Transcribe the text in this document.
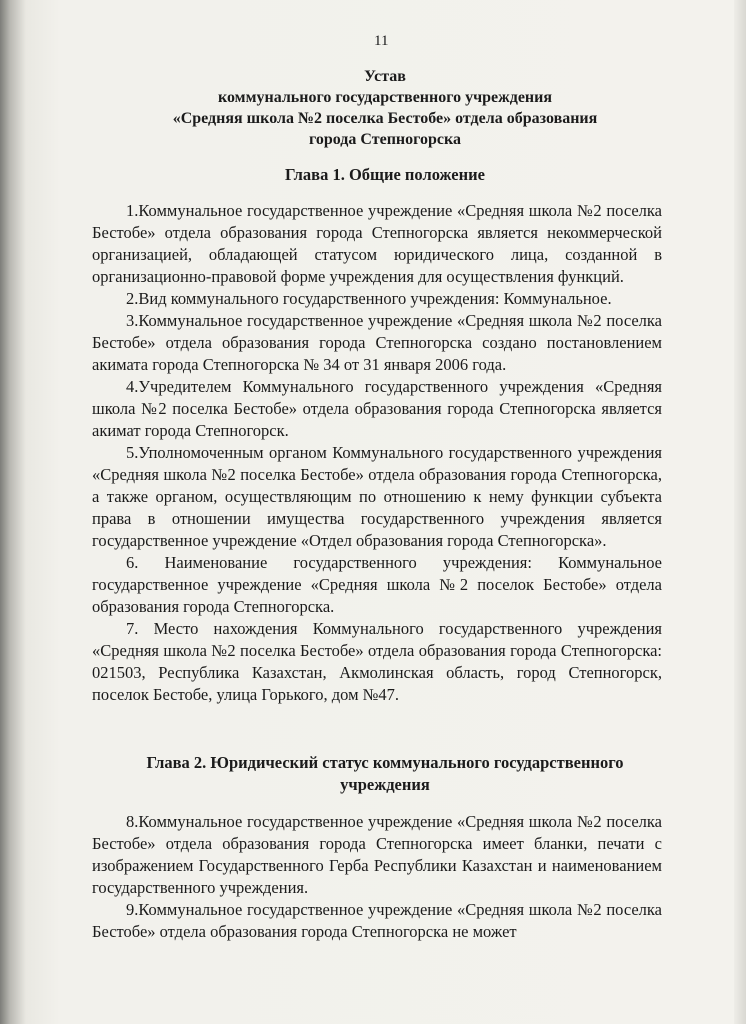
11
Устав
коммунального государственного учреждения
«Средняя школа №2 поселка Бестобе» отдела образования
города Степногорска
Глава 1. Общие положение

1.Коммунальное государственное учреждение «Средняя школа №2 поселка Бестобе» отдела образования города Степногорска является некоммерческой организацией, обладающей статусом юридического лица, созданной в организационно-правовой форме учреждения для осуществления функций.

2.Вид коммунального государственного учреждения: Коммунальное.

3.Коммунальное государственное учреждение «Средняя школа №2 поселка Бестобе» отдела образования города Степногорска создано постановлением акимата города Степногорска № 34 от 31 января 2006 года.

4.Учредителем Коммунального государственного учреждения «Средняя школа №2 поселка Бестобе» отдела образования города Степногорска является акимат города Степногорск.

5.Уполномоченным органом Коммунального государственного учреждения «Средняя школа №2 поселка Бестобе» отдела образования города Степногорска, а также органом, осуществляющим по отношению к нему функции субъекта права в отношении имущества государственного учреждения является государственное учреждение «Отдел образования города Степногорска».

6. Наименование государственного учреждения: Коммунальное государственное учреждение «Средняя школа №2 поселок Бестобе» отдела образования города Степногорска.

7. Место нахождения Коммунального государственного учреждения «Средняя школа №2 поселка Бестобе» отдела образования города Степногорска: 021503, Республика Казахстан, Акмолинская область, город Степногорск, поселок Бестобе, улица Горького, дом №47.

Глава 2. Юридический статус коммунального государственного
учреждения

8.Коммунальное государственное учреждение «Средняя школа №2 поселка Бестобе» отдела образования города Степногорска имеет бланки, печати с изображением Государственного Герба Республики Казахстан и наименованием государственного учреждения.

9.Коммунальное государственное учреждение «Средняя школа №2 поселка Бестобе» отдела образования города Степногорска не может
